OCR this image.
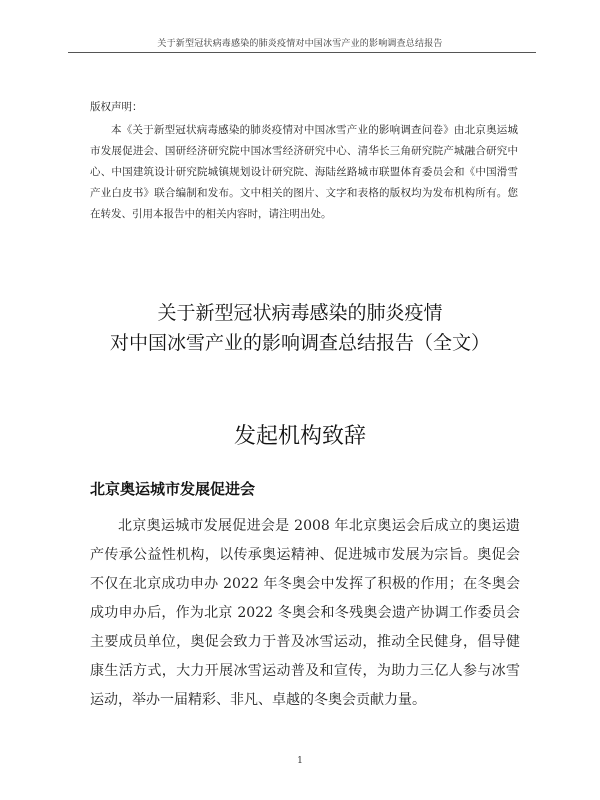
关于新型冠状病毒感染的肺炎疫情对中国冰雪产业的影响调查总结报告

版权声明：

本《关于新型冠状病毒感染的肺炎疫情对中国冰雪产业的影响调查问卷》由北京奥运城市发展促进会、国研经济研究院中国冰雪经济研究中心、清华长三角研究院产城融合研究中心、中国建筑设计研究院城镇规划设计研究院、海陆丝路城市联盟体育委员会和《中国滑雪产业白皮书》联合编制和发布。文中相关的图片、文字和表格的版权均为发布机构所有。您在转发、引用本报告中的相关内容时，请注明出处。

关于新型冠状病毒感染的肺炎疫情
对中国冰雪产业的影响调查总结报告（全文）
发起机构致辞
北京奥运城市发展促进会

北京奥运城市发展促进会是 2008 年北京奥运会后成立的奥运遗产传承公益性机构，以传承奥运精神、促进城市发展为宗旨。奥促会不仅在北京成功申办 2022 年冬奥会中发挥了积极的作用；在冬奥会成功申办后，作为北京 2022 冬奥会和冬残奥会遗产协调工作委员会主要成员单位，奥促会致力于普及冰雪运动，推动全民健身，倡导健康生活方式，大力开展冰雪运动普及和宣传，为助力三亿人参与冰雪运动，举办一届精彩、非凡、卓越的冬奥会贡献力量。

1
